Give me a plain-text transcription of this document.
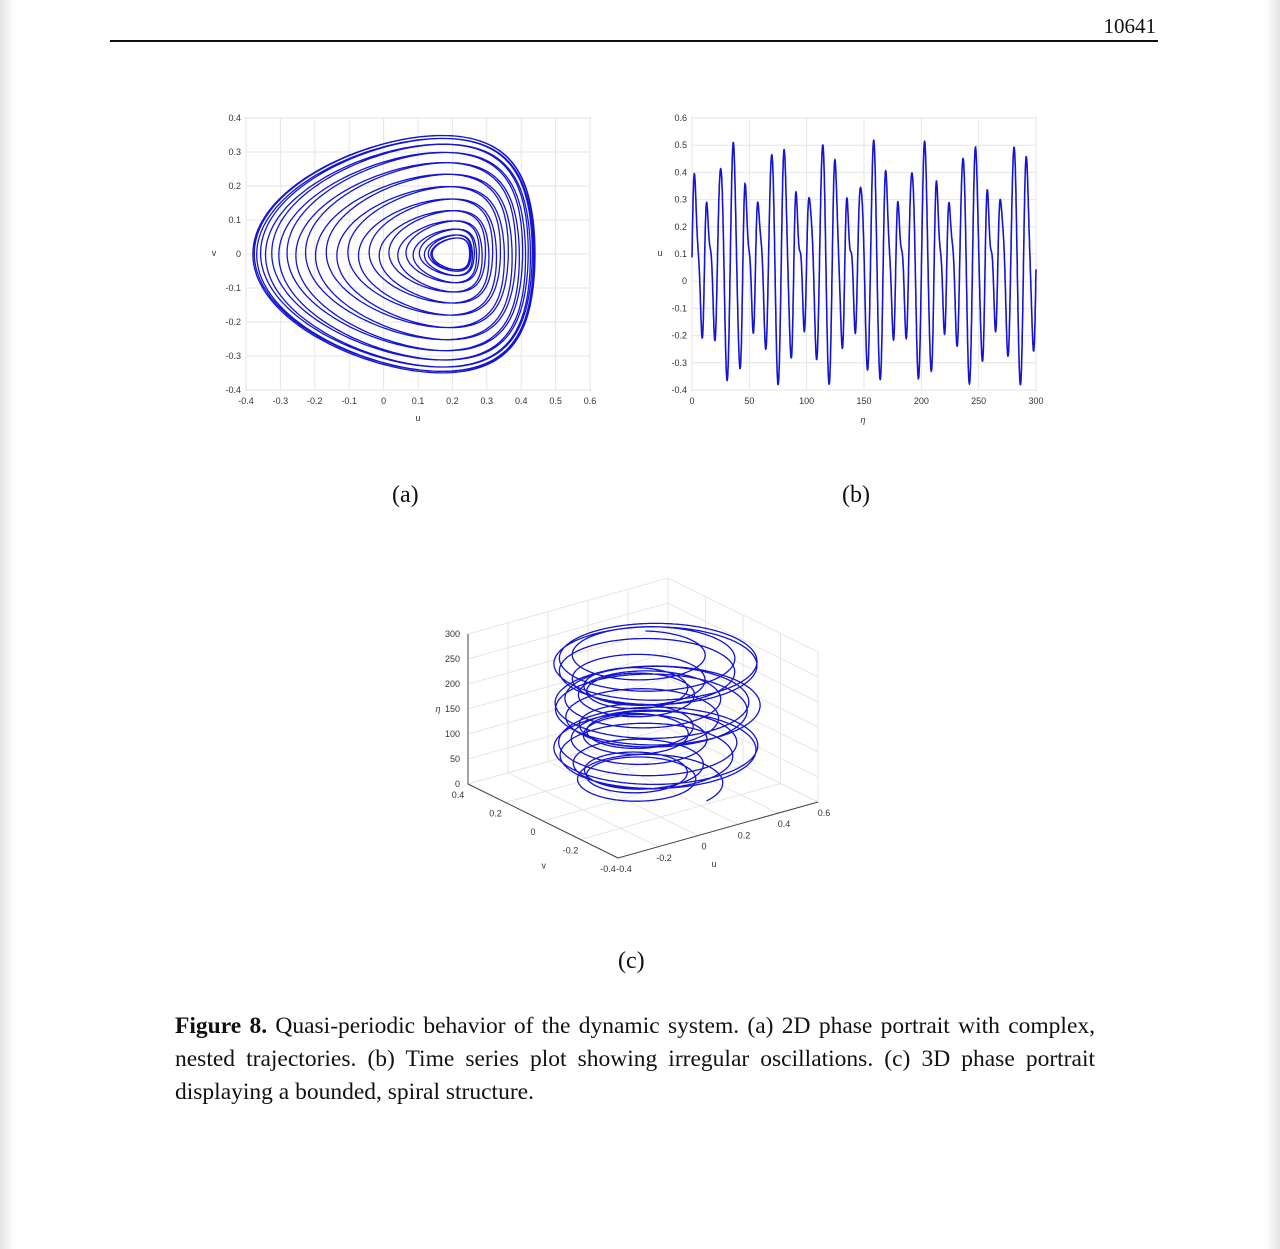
10641
-0.4 -0.3 -0.2 -0.1	0	0.1 0.2 0.3 0.4 0.5 0.6
-0.4
-0.3
-0.2
-0.1
0
0.1
0.2
0.3
0.4
u
v
0	50	100	150	200	250	300
-0.4
-0.3
-0.2
-0.1
0
0.1
0.2
0.3
0.4
0.5
0.6
η
u
0
50
100
150
200
250
300
-0.4
-0.2
0
0.2
0.4
-0.4
-0.2
0
0.2
0.4
0.6
v	u
η
(a)	(b)
(c)
Figure 8. Quasi-periodic behavior of the dynamic system. (a) 2D phase portrait with complex, nested trajectories. (b) Time series plot showing irregular oscillations. (c) 3D phase portrait displaying a bounded, spiral structure.
